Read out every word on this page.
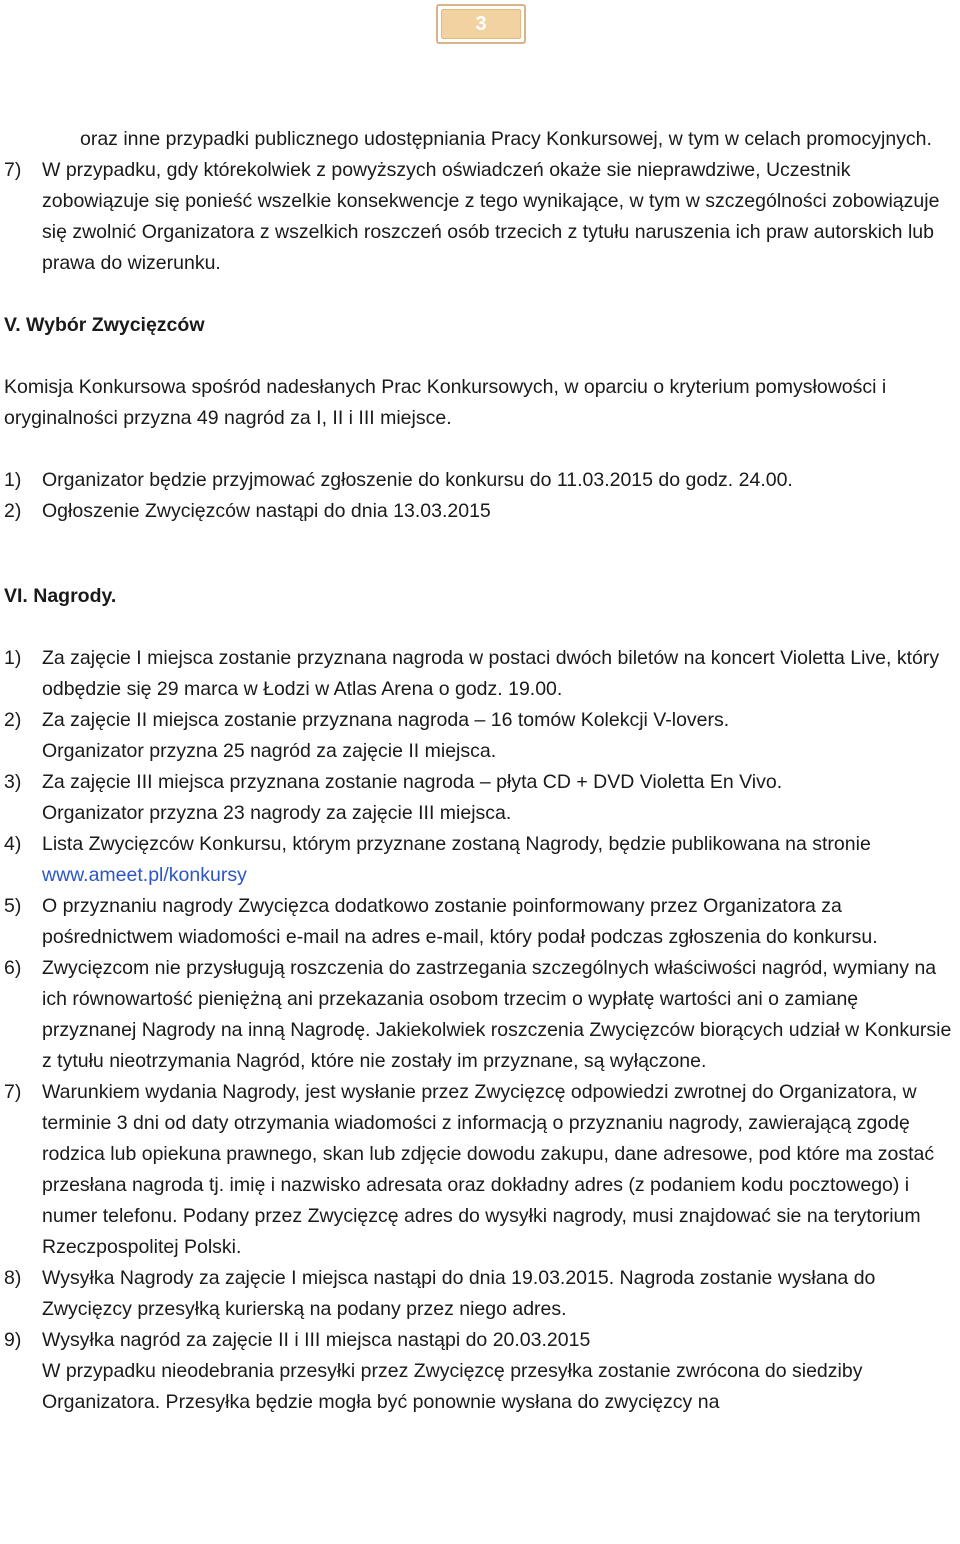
3
oraz inne przypadki publicznego udostępniania Pracy Konkursowej, w tym w celach promocyjnych.
7) W przypadku, gdy którekolwiek z powyższych oświadczeń okaże sie nieprawdziwe, Uczestnik zobowiązuje się ponieść wszelkie konsekwencje z tego wynikające, w tym w szczególności zobowiązuje się zwolnić Organizatora z wszelkich roszczeń osób trzecich z tytułu naruszenia ich praw autorskich lub prawa do wizerunku.
V. Wybór Zwycięzców
Komisja Konkursowa spośród nadesłanych Prac Konkursowych, w oparciu o kryterium pomysłowości i oryginalności przyzna 49 nagród za I, II i III miejsce.
1) Organizator będzie przyjmować zgłoszenie do konkursu do 11.03.2015 do godz. 24.00.
2) Ogłoszenie Zwycięzców nastąpi do dnia 13.03.2015
VI. Nagrody.
1) Za zajęcie I miejsca zostanie przyznana nagroda w postaci dwóch biletów na koncert Violetta Live, który odbędzie się 29 marca w Łodzi w Atlas Arena o godz. 19.00.
2) Za zajęcie II miejsca zostanie przyznana nagroda – 16 tomów Kolekcji V-lovers.
Organizator przyzna 25 nagród za zajęcie II miejsca.
3) Za zajęcie III miejsca przyznana zostanie nagroda – płyta CD + DVD Violetta En Vivo.
Organizator przyzna 23 nagrody za zajęcie III miejsca.
4) Lista Zwycięzców Konkursu, którym przyznane zostaną Nagrody, będzie publikowana na stronie www.ameet.pl/konkursy
5) O przyznaniu nagrody Zwycięzca dodatkowo zostanie poinformowany przez Organizatora za pośrednictwem wiadomości e-mail na adres e-mail, który podał podczas zgłoszenia do konkursu.
6) Zwycięzcom nie przysługują roszczenia do zastrzegania szczególnych właściwości nagród, wymiany na ich równowartość pieniężną ani przekazania osobom trzecim o wypłatę wartości ani o zamianę przyznanej Nagrody na inną Nagrodę. Jakiekolwiek roszczenia Zwycięzców biorących udział w Konkursie z tytułu nieotrzymania Nagród, które nie zostały im przyznane, są wyłączone.
7) Warunkiem wydania Nagrody, jest wysłanie przez Zwycięzcę odpowiedzi zwrotnej do Organizatora, w terminie 3 dni od daty otrzymania wiadomości z informacją o przyznaniu nagrody, zawierającą zgodę rodzica lub opiekuna prawnego, skan lub zdjęcie dowodu zakupu, dane adresowe, pod które ma zostać przesłana nagroda tj. imię i nazwisko adresata oraz dokładny adres (z podaniem kodu pocztowego) i numer telefonu. Podany przez Zwycięzcę adres do wysyłki nagrody, musi znajdować sie na terytorium Rzeczpospolitej Polski.
8) Wysyłka Nagrody za zajęcie I miejsca nastąpi do dnia 19.03.2015. Nagroda zostanie wysłana do Zwycięzcy przesyłką kurierską na podany przez niego adres.
9) Wysyłka nagród za zajęcie II i III miejsca nastąpi do 20.03.2015
W przypadku nieodebrania przesyłki przez Zwycięzcę przesyłka zostanie zwrócona do siedziby Organizatora. Przesyłka będzie mogła być ponownie wysłana do zwycięzcy na
